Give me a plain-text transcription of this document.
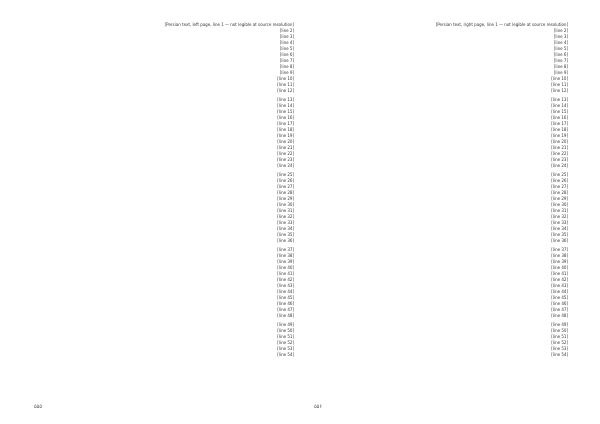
[Persian text, left page, line 1 — not legible at source resolution]

[line 2]

[line 3]

[line 4]

[line 5]

[line 6]

[line 7]

[line 8]

[line 9]

[line 10]

[line 11]

[line 12]

[line 13]

[line 14]

[line 15]

[line 16]

[line 17]

[line 18]

[line 19]

[line 20]

[line 21]

[line 22]

[line 23]

[line 24]

[line 25]

[line 26]

[line 27]

[line 28]

[line 29]

[line 30]

[line 31]

[line 32]

[line 33]

[line 34]

[line 35]

[line 36]

[line 37]

[line 38]

[line 39]

[line 40]

[line 41]

[line 42]

[line 43]

[line 44]

[line 45]

[line 46]

[line 47]

[line 48]

[line 49]

[line 50]

[line 51]

[line 52]

[line 53]

[line 54]

[Persian text, right page, line 1 — not legible at source resolution]

[line 2]

[line 3]

[line 4]

[line 5]

[line 6]

[line 7]

[line 8]

[line 9]

[line 10]

[line 11]

[line 12]

[line 13]

[line 14]

[line 15]

[line 16]

[line 17]

[line 18]

[line 19]

[line 20]

[line 21]

[line 22]

[line 23]

[line 24]

[line 25]

[line 26]

[line 27]

[line 28]

[line 29]

[line 30]

[line 31]

[line 32]

[line 33]

[line 34]

[line 35]

[line 36]

[line 37]

[line 38]

[line 39]

[line 40]

[line 41]

[line 42]

[line 43]

[line 44]

[line 45]

[line 46]

[line 47]

[line 48]

[line 49]

[line 50]

[line 51]

[line 52]

[line 53]

[line 54]

۵۵۵	۵۵۶
